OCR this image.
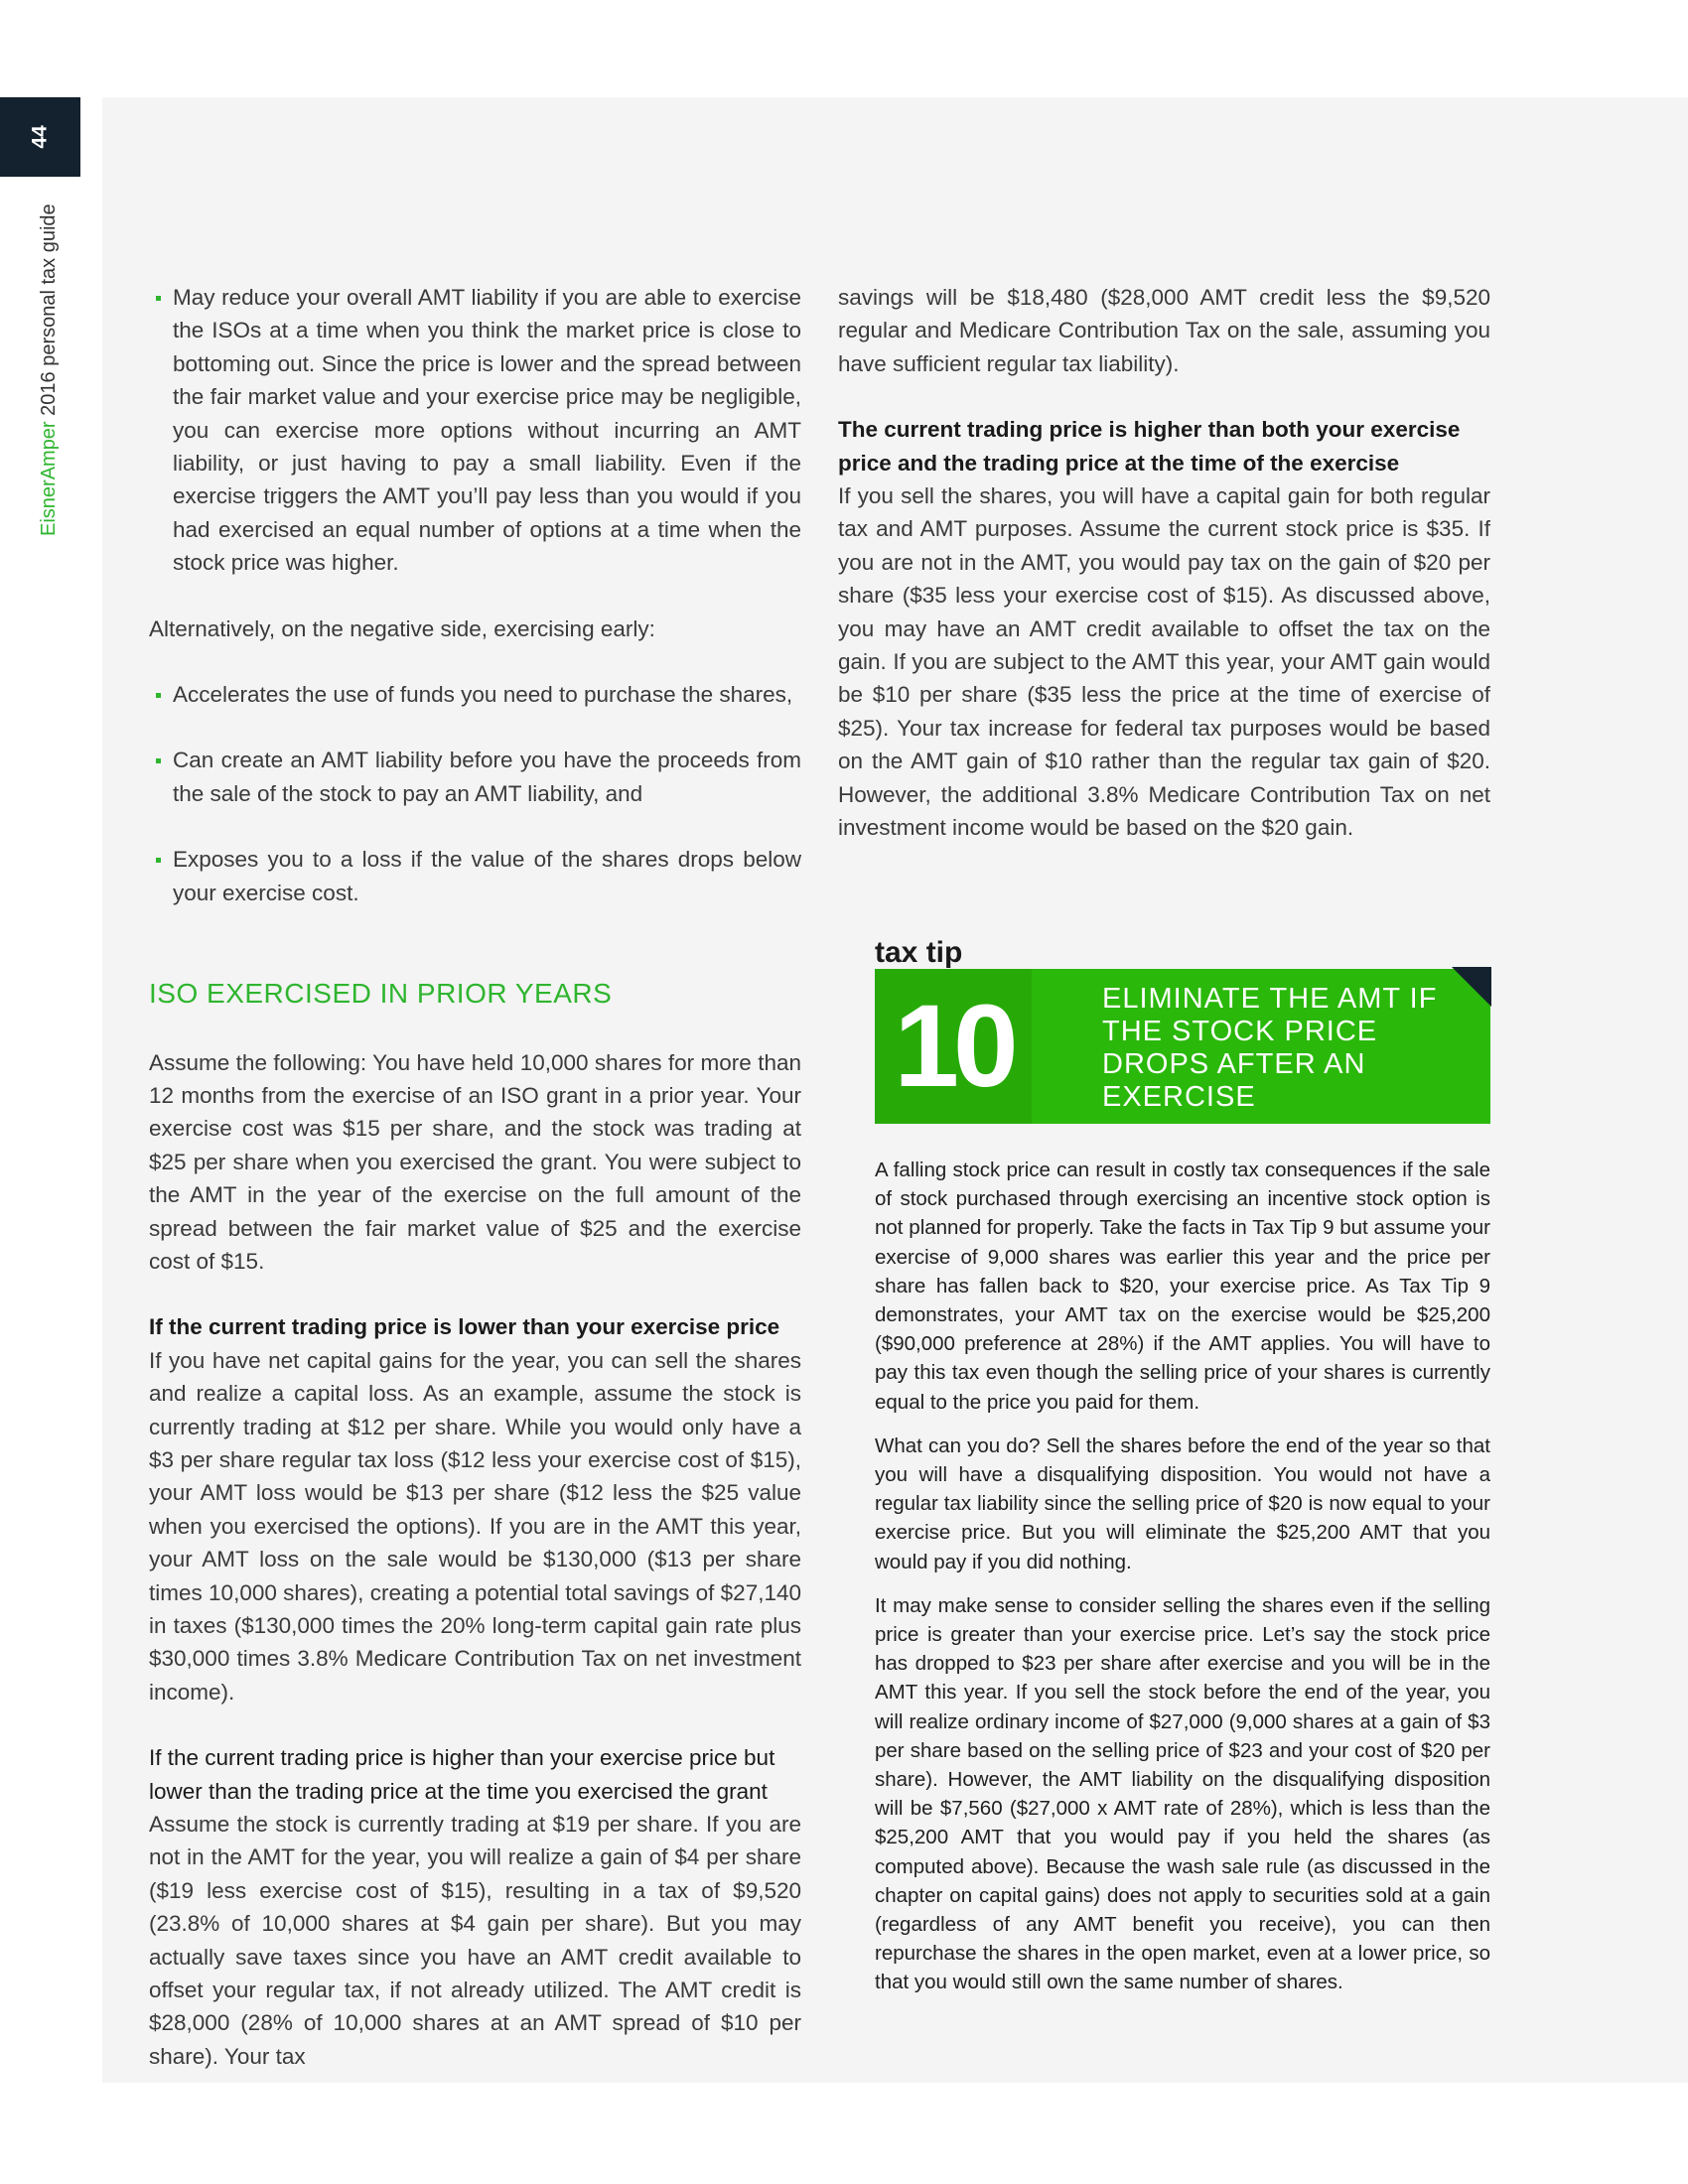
44
EisnerAmper 2016 personal tax guide	May reduce your overall AMT liability if you are able to exercise the ISOs at a time when you think the market price is close to bottoming out. Since the price is lower and the spread between the fair market value and your exercise price may be negligible, you can exercise more options without incurring an AMT liability, or just having to pay a small liability. Even if the exercise triggers the AMT you’ll pay less than you would if you had exercised an equal number of options at a time when the stock price was higher.

Alternatively, on the negative side, exercising early:

Accelerates the use of funds you need to purchase the shares,

Can create an AMT liability before you have the proceeds from the sale of the stock to pay an AMT liability, and

Exposes you to a loss if the value of the shares drops below your exercise cost.

ISO EXERCISED IN PRIOR YEARS

Assume the following: You have held 10,000 shares for more than 12 months from the exercise of an ISO grant in a prior year. Your exercise cost was $15 per share, and the stock was trading at $25 per share when you exercised the grant. You were subject to the AMT in the year of the exercise on the full amount of the spread between the fair market value of $25 and the exercise cost of $15.

If the current trading price is lower than your exercise price

If you have net capital gains for the year, you can sell the shares and realize a capital loss. As an example, assume the stock is currently trading at $12 per share. While you would only have a $3 per share regular tax loss ($12 less your exercise cost of $15), your AMT loss would be $13 per share ($12 less the $25 value when you exercised the options). If you are in the AMT this year, your AMT loss on the sale would be $130,000 ($13 per share times 10,000 shares), creating a potential total savings of $27,140 in taxes ($130,000 times the 20% long-term capital gain rate plus $30,000 times 3.8% Medicare Contribution Tax on net investment income).

If the current trading price is higher than your exercise price but lower than the trading price at the time you exercised the grant

Assume the stock is currently trading at $19 per share. If you are not in the AMT for the year, you will realize a gain of $4 per share ($19 less exercise cost of $15), resulting in a tax of $9,520 (23.8% of 10,000 shares at $4 gain per share). But you may actually save taxes since you have an AMT credit available to offset your regular tax, if not already utilized. The AMT credit is $28,000 (28% of 10,000 shares at an AMT spread of $10 per share). Your tax

savings will be $18,480 ($28,000 AMT credit less the $9,520 regular and Medicare Contribution Tax on the sale, assuming you have sufficient regular tax liability).

The current trading price is higher than both your exercise price and the trading price at the time of the exercise

If you sell the shares, you will have a capital gain for both regular tax and AMT purposes. Assume the current stock price is $35. If you are not in the AMT, you would pay tax on the gain of $20 per share ($35 less your exercise cost of $15). As discussed above, you may have an AMT credit available to offset the tax on the gain. If you are subject to the AMT this year, your AMT gain would be $10 per share ($35 less the price at the time of exercise of $25). Your tax increase for federal tax purposes would be based on the AMT gain of $10 rather than the regular tax gain of $20. However, the additional 3.8% Medicare Contribution Tax on net investment income would be based on the $20 gain.

tax tip
10	ELIMINATE THE AMT IF THE STOCK PRICE DROPS AFTER AN EXERCISE

A falling stock price can result in costly tax consequences if the sale of stock purchased through exercising an incentive stock option is not planned for properly. Take the facts in Tax Tip 9 but assume your exercise of 9,000 shares was earlier this year and the price per share has fallen back to $20, your exercise price. As Tax Tip 9 demonstrates, your AMT tax on the exercise would be $25,200 ($90,000 preference at 28%) if the AMT applies. You will have to pay this tax even though the selling price of your shares is currently equal to the price you paid for them.

What can you do? Sell the shares before the end of the year so that you will have a disqualifying disposition. You would not have a regular tax liability since the selling price of $20 is now equal to your exercise price. But you will eliminate the $25,200 AMT that you would pay if you did nothing.

It may make sense to consider selling the shares even if the selling price is greater than your exercise price. Let’s say the stock price has dropped to $23 per share after exercise and you will be in the AMT this year. If you sell the stock before the end of the year, you will realize ordinary income of $27,000 (9,000 shares at a gain of $3 per share based on the selling price of $23 and your cost of $20 per share). However, the AMT liability on the disqualifying disposition will be $7,560 ($27,000 x AMT rate of 28%), which is less than the $25,200 AMT that you would pay if you held the shares (as computed above). Because the wash sale rule (as discussed in the chapter on capital gains) does not apply to securities sold at a gain (regardless of any AMT benefit you receive), you can then repurchase the shares in the open market, even at a lower price, so that you would still own the same number of shares.
